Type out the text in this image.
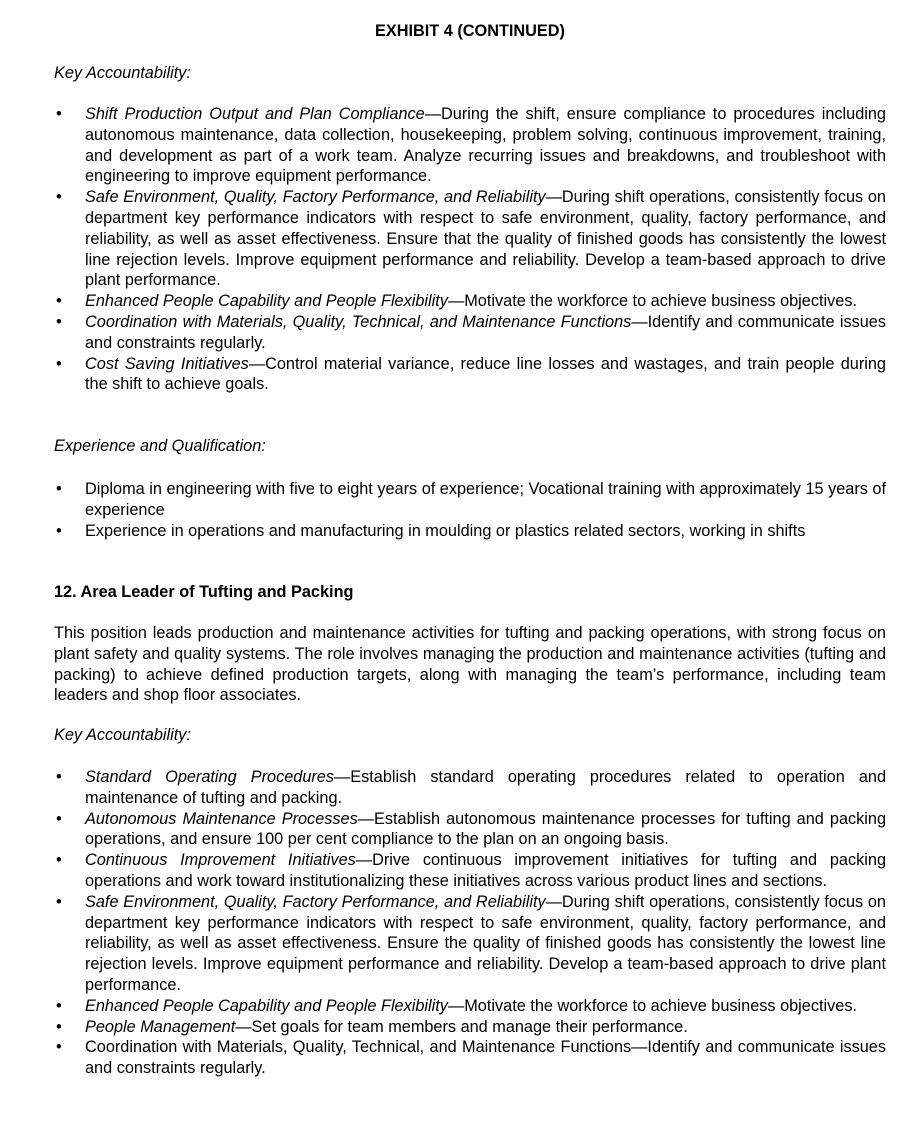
EXHIBIT 4 (CONTINUED)
Key Accountability:
• Shift Production Output and Plan Compliance—During the shift, ensure compliance to procedures including autonomous maintenance, data collection, housekeeping, problem solving, continuous improvement, training, and development as part of a work team. Analyze recurring issues and breakdowns, and troubleshoot with engineering to improve equipment performance.
• Safe Environment, Quality, Factory Performance, and Reliability—During shift operations, consistently focus on department key performance indicators with respect to safe environment, quality, factory performance, and reliability, as well as asset effectiveness. Ensure that the quality of finished goods has consistently the lowest line rejection levels. Improve equipment performance and reliability. Develop a team-based approach to drive plant performance.
• Enhanced People Capability and People Flexibility—Motivate the workforce to achieve business objectives.
• Coordination with Materials, Quality, Technical, and Maintenance Functions—Identify and communicate issues and constraints regularly.
• Cost Saving Initiatives—Control material variance, reduce line losses and wastages, and train people during the shift to achieve goals.
Experience and Qualification:
• Diploma in engineering with five to eight years of experience; Vocational training with approximately 15 years of experience
• Experience in operations and manufacturing in moulding or plastics related sectors, working in shifts
12. Area Leader of Tufting and Packing
This position leads production and maintenance activities for tufting and packing operations, with strong focus on plant safety and quality systems. The role involves managing the production and maintenance activities (tufting and packing) to achieve defined production targets, along with managing the team’s performance, including team leaders and shop floor associates.
Key Accountability:
• Standard Operating Procedures—Establish standard operating procedures related to operation and maintenance of tufting and packing.
• Autonomous Maintenance Processes—Establish autonomous maintenance processes for tufting and packing operations, and ensure 100 per cent compliance to the plan on an ongoing basis.
• Continuous Improvement Initiatives—Drive continuous improvement initiatives for tufting and packing operations and work toward institutionalizing these initiatives across various product lines and sections.
• Safe Environment, Quality, Factory Performance, and Reliability—During shift operations, consistently focus on department key performance indicators with respect to safe environment, quality, factory performance, and reliability, as well as asset effectiveness. Ensure the quality of finished goods has consistently the lowest line rejection levels. Improve equipment performance and reliability. Develop a team-based approach to drive plant performance.
• Enhanced People Capability and People Flexibility—Motivate the workforce to achieve business objectives.
• People Management—Set goals for team members and manage their performance.
• Coordination with Materials, Quality, Technical, and Maintenance Functions—Identify and communicate issues and constraints regularly.
